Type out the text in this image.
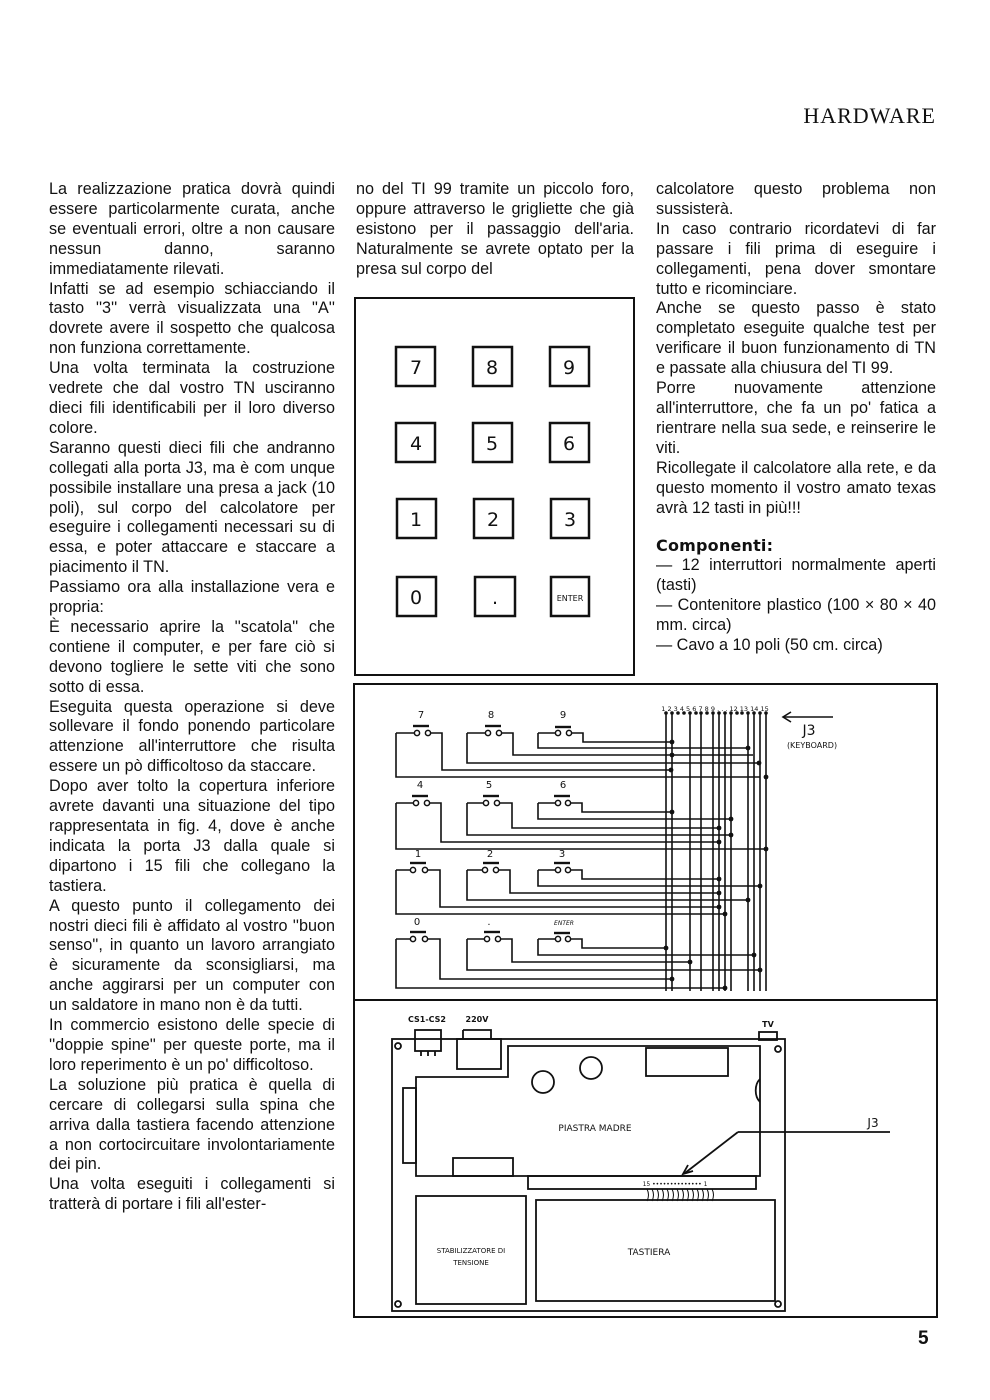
HARDWARE

La realizzazione pratica dovrà quindi essere particolarmente curata, anche se eventuali errori, oltre a non causare nessun danno, saranno immediatamente rilevati.

Infatti se ad esempio schiacciando il tasto ''3'' verrà visualizzata una ''A'' dovrete avere il sospetto che qualcosa non funziona correttamente.

Una volta terminata la costruzione vedrete che dal vostro TN usciranno dieci fili identificabili per il loro diverso colore.

Saranno questi dieci fili che andranno collegati alla porta J3, ma è com unque possibile installare una presa a jack (10 poli), sul corpo del calcolatore per eseguire i collegamenti necessari su di essa, e poter attaccare e staccare a piacimento il TN.

Passiamo ora alla installazione vera e propria:

È necessario aprire la ''scatola'' che contiene il computer, e per fare ciò si devono togliere le sette viti che sono sotto di essa.

Eseguita questa operazione si deve sollevare il fondo ponendo particolare attenzione all'interruttore che risulta essere un pò difficoltoso da staccare.

Dopo aver tolto la copertura inferiore avrete davanti una situazione del tipo rappresentata in fig. 4, dove è anche indicata la porta J3 dalla quale si dipartono i 15 fili che collegano la tastiera.

A questo punto il collegamento dei nostri dieci fili è affidato al vostro ''buon senso'', in quanto un lavoro arrangiato è sicuramente da sconsigliarsi, ma anche aggirarsi per un computer con un saldatore in mano non è da tutti.

In commercio esistono delle specie di ''doppie spine'' per queste porte, ma il loro reperimento è un po' difficoltoso.

La soluzione più pratica è quella di cercare di collegarsi sulla spina che arriva dalla tastiera facendo attenzione a non cortocircuitare involontariamente dei pin.

Una volta eseguiti i collegamenti si tratterà di portare i fili all'ester-

no del TI 99 tramite un piccolo foro, oppure attraverso le grigliette che già esistono per il passaggio dell'aria. Naturalmente se avrete optato per la presa sul corpo del

calcolatore questo problema non sussisterà.

In caso contrario ricordatevi di far passare i fili prima di eseguire i collegamenti, pena dover smontare tutto e ricominciare.

Anche se questo passo è stato completato eseguite qualche test per verificare il buon funzionamento di TN e passate alla chiusura del TI 99.

Porre nuovamente attenzione all'interruttore, che fa un po' fatica a rientrare nella sua sede, e reinserire le viti.

Ricollegate il calcolatore alla rete, e da questo momento il vostro amato texas avrà 12 tasti in più!!!

Componenti:

— 12 interruttori normalmente aperti (tasti)
— Contenitore plastico (100 × 80 × 40 mm. circa)
— Cavo a 10 poli (50 cm. circa)
7	8	9
4	5	6
1	2	3
0	.	ENTER
7	8	9
4	5	6
1	2	3
0	.	ENTER
1 2 3 4 5 6 7 8 9 . . . 12 13 14 15
J3
(KEYBOARD)
CS1-CS2 220V
TV
PIASTRA MADRE	J3
15 •••••••••••••• 1
STABILIZZATORE DI
TENSIONE
TASTIERA
5
